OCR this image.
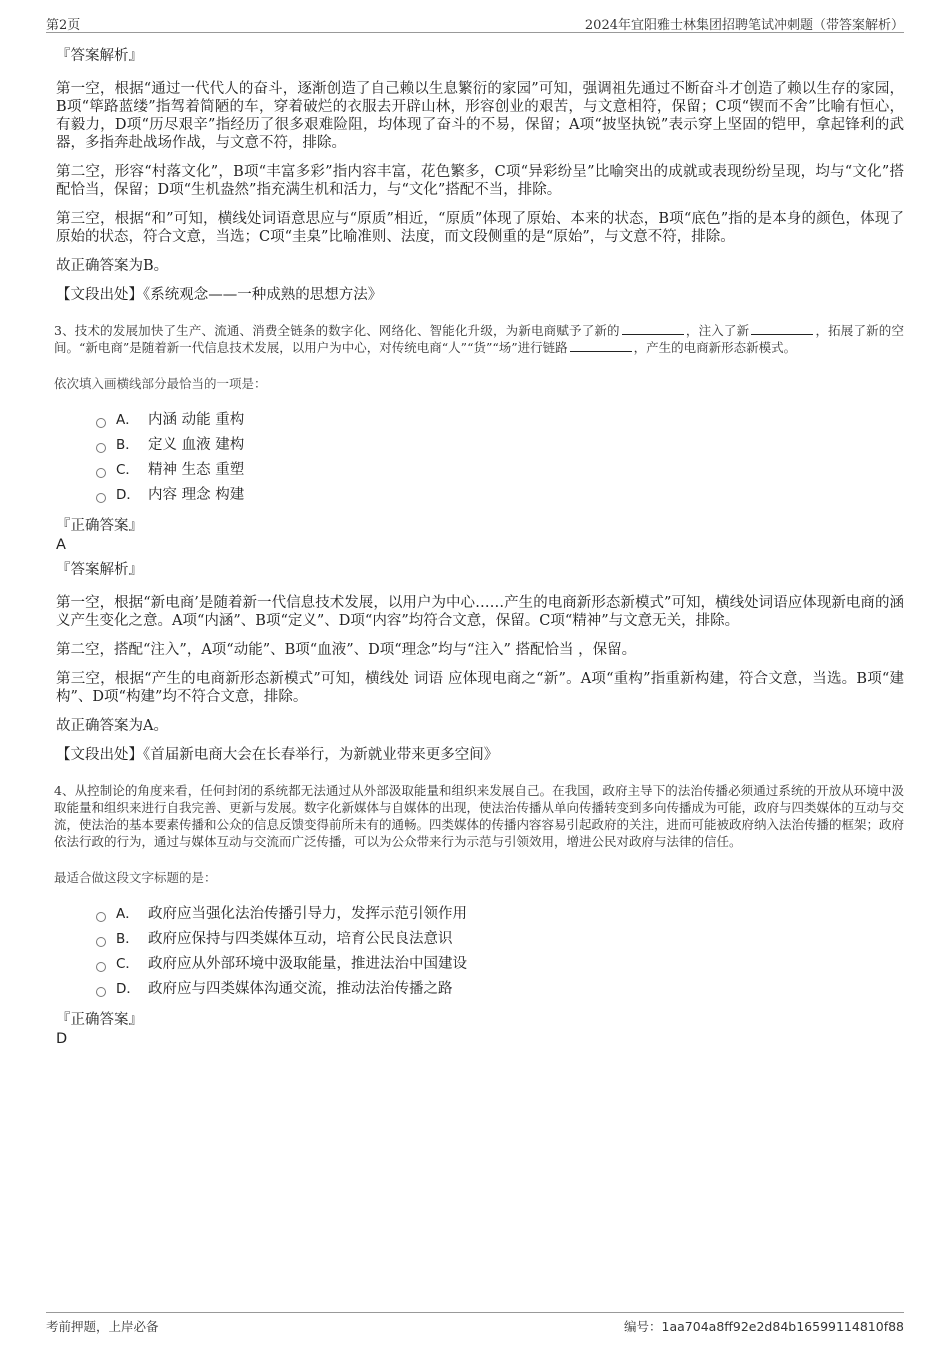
第2页	2024年宜阳雅士林集团招聘笔试冲刺题（带答案解析）
『答案解析』

第一空，根据“通过一代代人的奋斗，逐渐创造了自己赖以生息繁衍的家园”可知，强调祖先通过不断奋斗才创造了赖以生存的家园，B项“筚路蓝缕”指驾着简陋的车，穿着破烂的衣服去开辟山林，形容创业的艰苦，与文意相符，保留；C项“锲而不舍”比喻有恒心，有毅力，D项“历尽艰辛”指经历了很多艰难险阻，均体现了奋斗的不易，保留；A项“披坚执锐”表示穿上坚固的铠甲，拿起锋利的武器，多指奔赴战场作战，与文意不符，排除。

第二空，形容“村落文化”，B项“丰富多彩”指内容丰富，花色繁多，C项“异彩纷呈”比喻突出的成就或表现纷纷呈现，均与“文化”搭配恰当，保留；D项“生机盎然”指充满生机和活力，与“文化”搭配不当，排除。

第三空，根据“和”可知，横线处词语意思应与“原质”相近，“原质”体现了原始、本来的状态，B项“底色”指的是本身的颜色，体现了原始的状态，符合文意，当选；C项“圭臬”比喻准则、法度，而文段侧重的是“原始”，与文意不符，排除。

故正确答案为B。

【文段出处】《系统观念——一种成熟的思想方法》

3、技术的发展加快了生产、流通、消费全链条的数字化、网络化、智能化升级，为新电商赋予了新的	，注入了新	，拓展了新的空间。“新电商”是随着新一代信息技术发展，以用户为中心，对传统电商“人”“货”“场”进行链路	，产生的电商新形态新模式。

依次填入画横线部分最恰当的一项是：

A． 内涵 动能 重构
B． 定义 血液 建构
C． 精神 生态 重塑
D． 内容 理念 构建
『正确答案』
A
『答案解析』

第一空，根据“新电商’是随着新一代信息技术发展，以用户为中心……产生的电商新形态新模式”可知，横线处词语应体现新电商的涵义产生变化之意。A项“内涵”、B项“定义”、D项“内容”均符合文意，保留。C项“精神”与文意无关，排除。

第二空，搭配“注入”，A项“动能”、B项“血液”、D项“理念”均与“注入” 搭配恰当 ，保留。

第三空，根据“产生的电商新形态新模式”可知，横线处 词语 应体现电商之“新”。A项“重构”指重新构建，符合文意，当选。B项“建构”、D项“构建”均不符合文意，排除。

故正确答案为A。

【文段出处】《首届新电商大会在长春举行，为新就业带来更多空间》

4、从控制论的角度来看，任何封闭的系统都无法通过从外部汲取能量和组织来发展自己。在我国，政府主导下的法治传播必须通过系统的开放从环境中汲取能量和组织来进行自我完善、更新与发展。数字化新媒体与自媒体的出现，使法治传播从单向传播转变到多向传播成为可能，政府与四类媒体的互动与交流，使法治的基本要素传播和公众的信息反馈变得前所未有的通畅。四类媒体的传播内容容易引起政府的关注，进而可能被政府纳入法治传播的框架；政府依法行政的行为，通过与媒体互动与交流而广泛传播，可以为公众带来行为示范与引领效用，增进公民对政府与法律的信任。

最适合做这段文字标题的是：

A． 政府应当强化法治传播引导力，发挥示范引领作用
B． 政府应保持与四类媒体互动，培育公民良法意识
C． 政府应从外部环境中汲取能量，推进法治中国建设
D． 政府应与四类媒体沟通交流，推动法治传播之路
『正确答案』
D
考前押题，上岸必备	编号：1aa704a8ff92e2d84b16599114810f88
